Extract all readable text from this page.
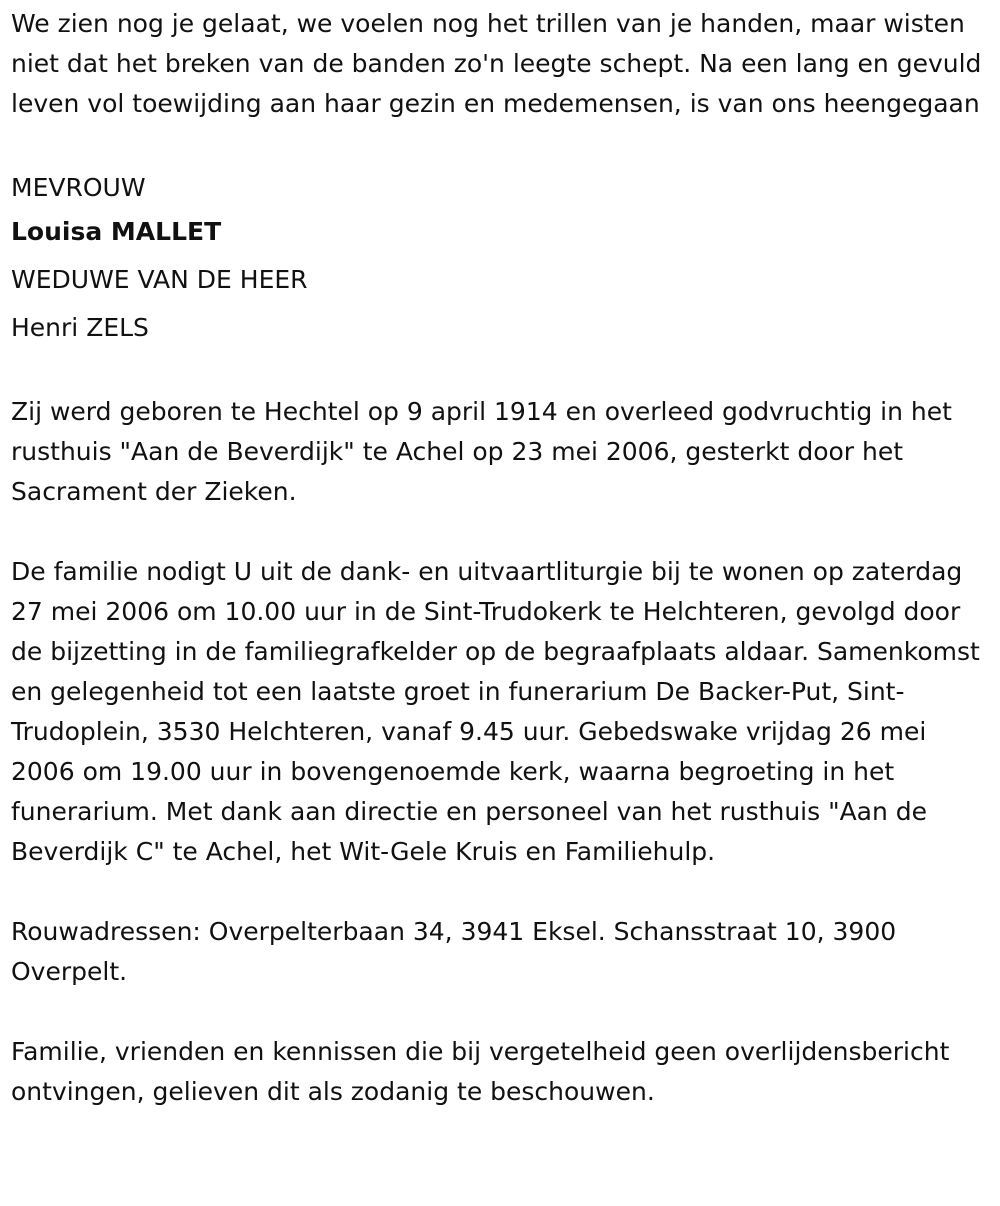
We zien nog je gelaat, we voelen nog het trillen van je handen, maar wisten niet dat het breken van de banden zo'n leegte schept. Na een lang en gevuld leven vol toewijding aan haar gezin en medemensen, is van ons heengegaan

MEVROUW

Louisa MALLET

WEDUWE VAN DE HEER

Henri ZELS

Zij werd geboren te Hechtel op 9 april 1914 en overleed godvruchtig in het rusthuis "Aan de Beverdijk" te Achel op 23 mei 2006, gesterkt door het Sacrament der Zieken.

De familie nodigt U uit de dank- en uitvaartliturgie bij te wonen op zaterdag 27 mei 2006 om 10.00 uur in de Sint-Trudokerk te Helchteren, gevolgd door de bijzetting in de familiegrafkelder op de begraafplaats aldaar. Samenkomst en gelegenheid tot een laatste groet in funerarium De Backer-Put, Sint-Trudoplein, 3530 Helchteren, vanaf 9.45 uur. Gebedswake vrijdag 26 mei 2006 om 19.00 uur in bovengenoemde kerk, waarna begroeting in het funerarium. Met dank aan directie en personeel van het rusthuis "Aan de Beverdijk C" te Achel, het Wit-Gele Kruis en Familiehulp.

Rouwadressen: Overpelterbaan 34, 3941 Eksel. Schansstraat 10, 3900 Overpelt.

Familie, vrienden en kennissen die bij vergetelheid geen overlijdensbericht ontvingen, gelieven dit als zodanig te beschouwen.
